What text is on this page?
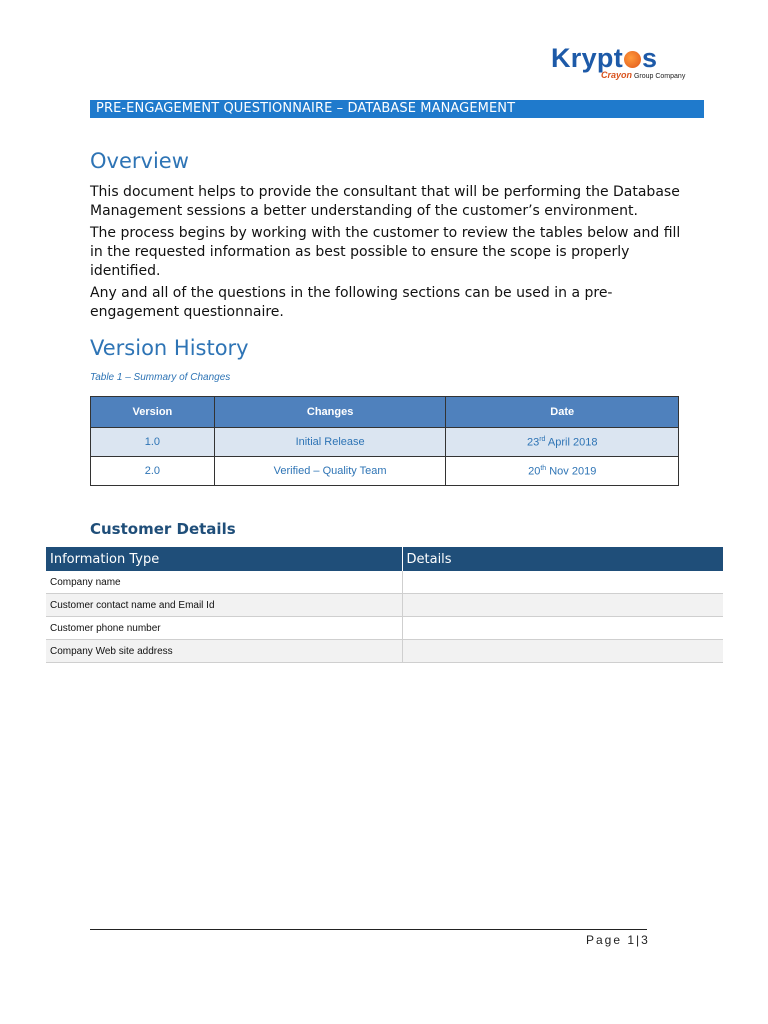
Krypt s
Crayon Group Company
PRE-ENGAGEMENT QUESTIONNAIRE – DATABASE MANAGEMENT
Overview

This document helps to provide the consultant that will be performing the Database Management sessions a better understanding of the customer’s environment.

The process begins by working with the customer to review the tables below and fill in the requested information as best possible to ensure the scope is properly identified.

Any and all of the questions in the following sections can be used in a pre-engagement questionnaire.

Version History
Table 1 – Summary of Changes
Version	Changes	Date
1.0	Initial Release	23rd April 2018
2.0	Verified – Quality Team	20th Nov 2019
Customer Details
Information Type	Details
Company name	
Customer contact name and Email Id	
Customer phone number	
Company Web site address	
Page 1|3
